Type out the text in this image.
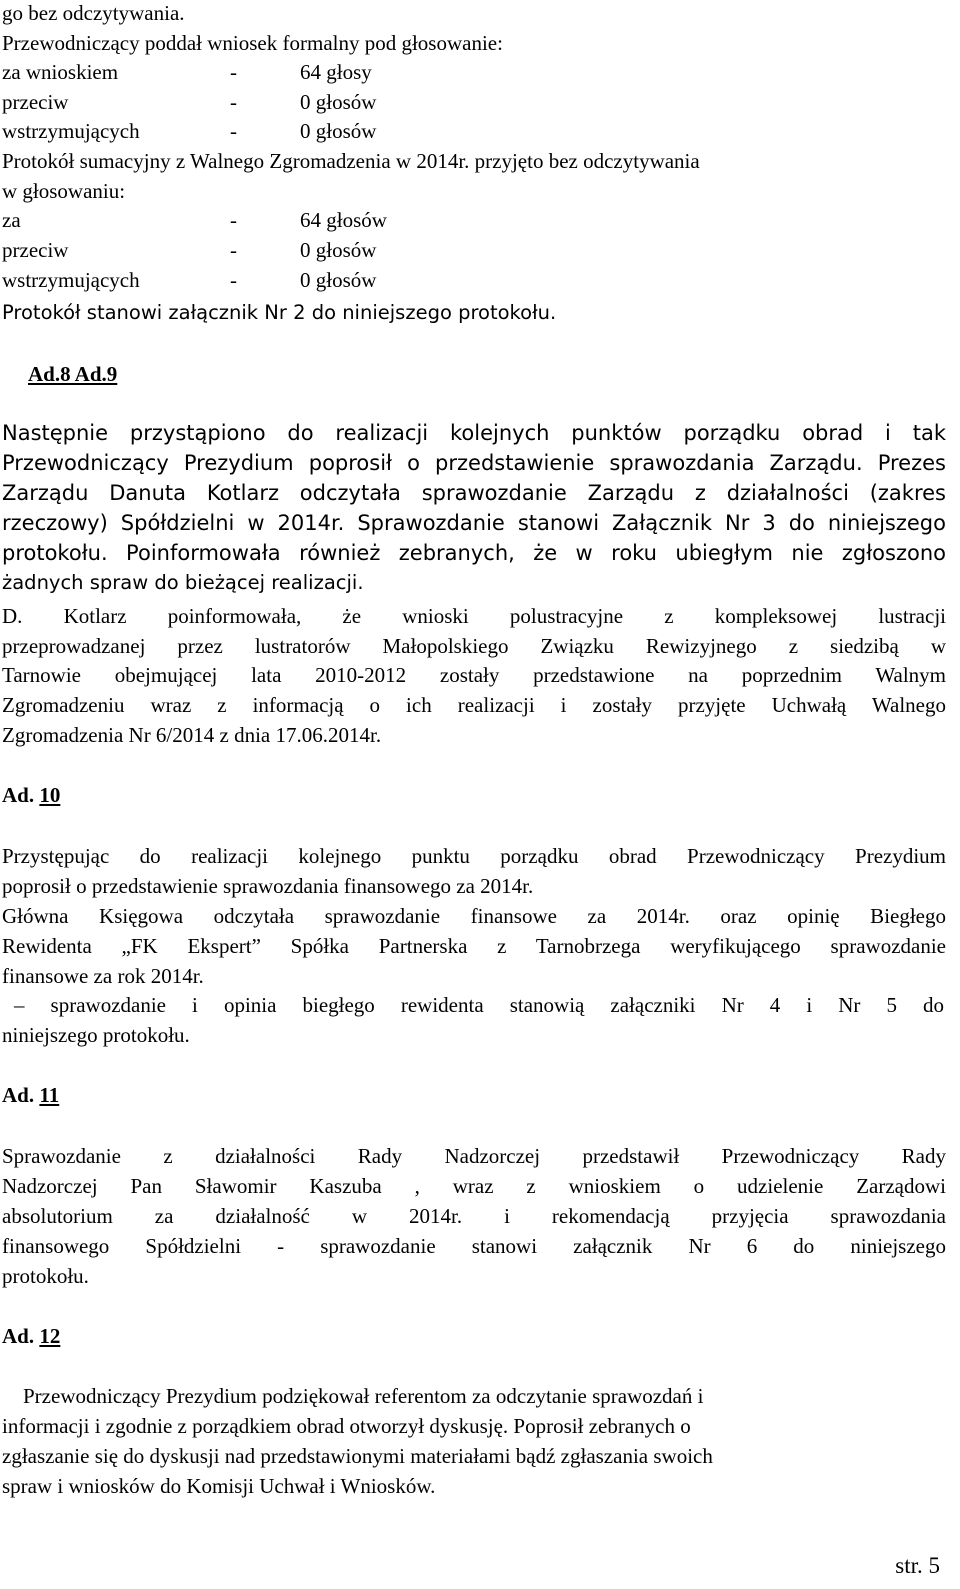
go bez odczytywania.
Przewodniczący poddał wniosek formalny pod głosowanie:
za wnioskiem	-	64 głosy
przeciw	-	0 głosów
wstrzymujących	-	0 głosów
Protokół sumacyjny z Walnego Zgromadzenia w 2014r. przyjęto bez odczytywania
w głosowaniu:
za	-	64 głosów
przeciw	-	0 głosów
wstrzymujących	-	0 głosów
Protokół stanowi załącznik Nr 2 do niniejszego protokołu.
Ad.8 Ad.9
Następnie przystąpiono do realizacji kolejnych punktów porządku obrad i tak
Przewodniczący Prezydium poprosił o przedstawienie sprawozdania Zarządu. Prezes
Zarządu Danuta Kotlarz odczytała sprawozdanie Zarządu z działalności (zakres
rzeczowy) Spółdzielni w 2014r. Sprawozdanie stanowi Załącznik Nr 3 do niniejszego
protokołu. Poinformowała również zebranych, że w roku ubiegłym nie zgłoszono
żadnych spraw do bieżącej realizacji.
D. Kotlarz poinformowała, że wnioski polustracyjne z kompleksowej lustracji
przeprowadzanej przez lustratorów Małopolskiego Związku Rewizyjnego z siedzibą w
Tarnowie obejmującej lata 2010-2012 zostały przedstawione na poprzednim Walnym
Zgromadzeniu wraz z informacją o ich realizacji i zostały przyjęte Uchwałą Walnego
Zgromadzenia Nr 6/2014 z dnia 17.06.2014r.
Ad. 10
Przystępując do realizacji kolejnego punktu porządku obrad Przewodniczący Prezydium
poprosił o przedstawienie sprawozdania finansowego za 2014r.
Główna Księgowa odczytała sprawozdanie finansowe za 2014r. oraz opinię Biegłego
Rewidenta „FK Ekspert” Spółka Partnerska z Tarnobrzega weryfikującego sprawozdanie
finansowe za rok 2014r.
– sprawozdanie i opinia biegłego rewidenta stanowią załączniki Nr 4 i Nr 5 do
niniejszego protokołu.
Ad. 11
Sprawozdanie z działalności Rady Nadzorczej przedstawił Przewodniczący Rady
Nadzorczej Pan Sławomir Kaszuba , wraz z wnioskiem o udzielenie Zarządowi
absolutorium za działalność w 2014r. i rekomendacją przyjęcia sprawozdania
finansowego Spółdzielni - sprawozdanie stanowi załącznik Nr 6 do niniejszego
protokołu.
Ad. 12
Przewodniczący Prezydium podziękował referentom za odczytanie sprawozdań i
informacji i zgodnie z porządkiem obrad otworzył dyskusję. Poprosił zebranych o
zgłaszanie się do dyskusji nad przedstawionymi materiałami bądź zgłaszania swoich
spraw i wniosków do Komisji Uchwał i Wniosków.
str. 5
